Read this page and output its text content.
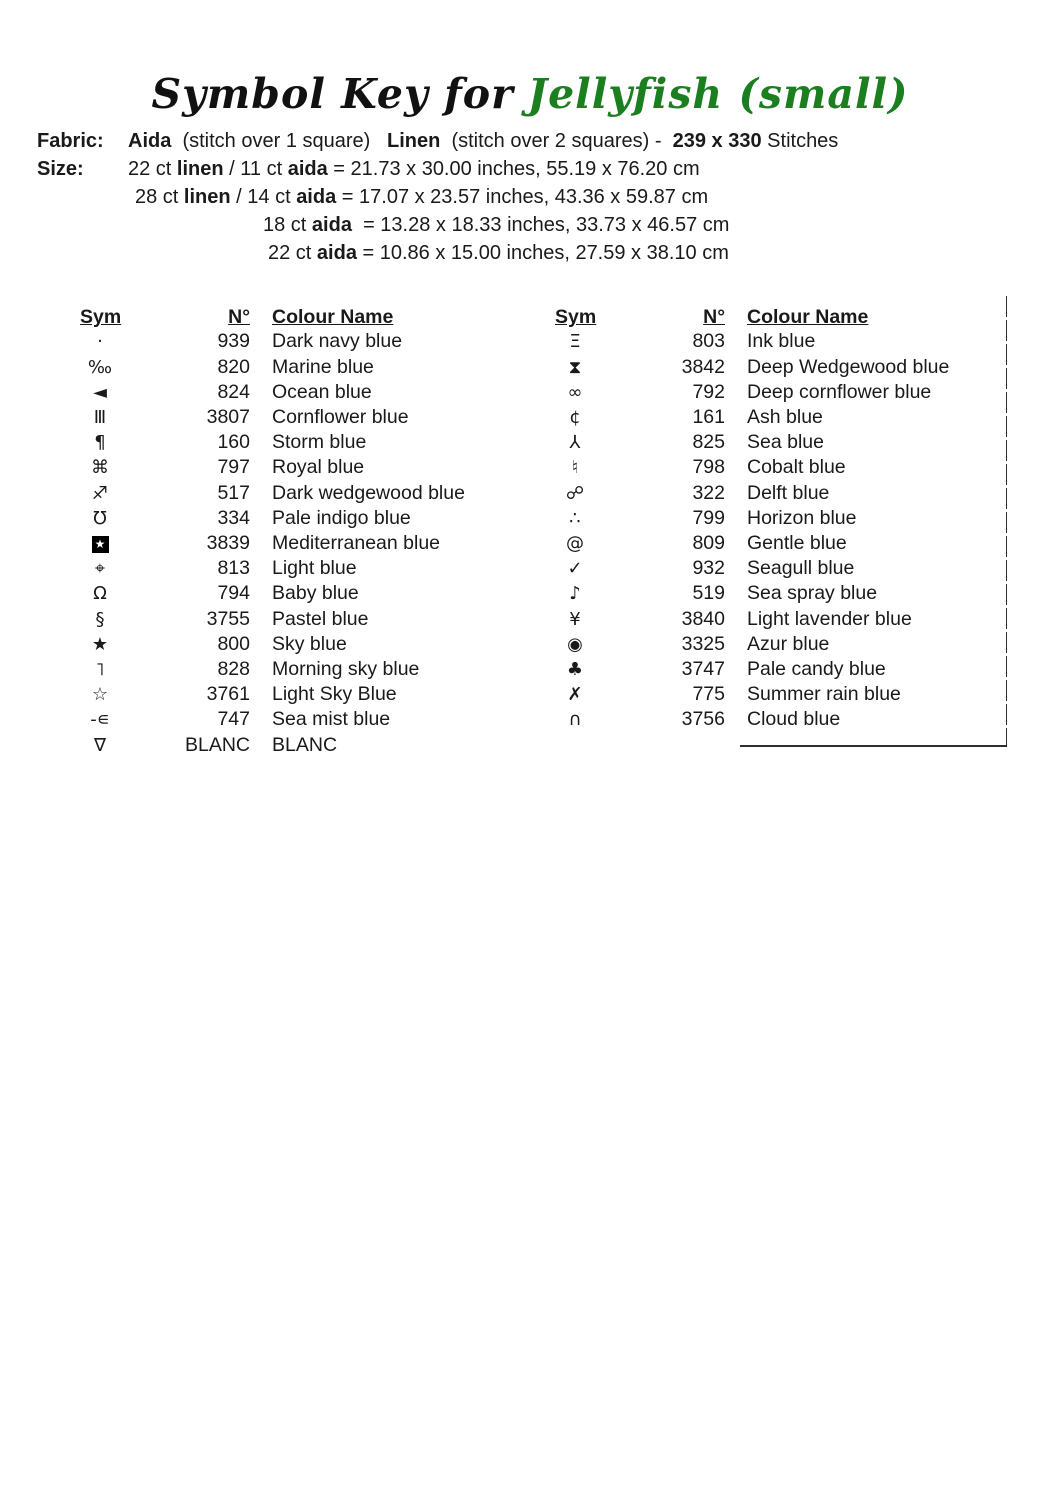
Symbol Key for Jellyfish (small)
Fabric:	Aida  (stitch over 1 square)   Linen  (stitch over 2 squares) -  239 x 330 Stitches
Size:	22 ct linen / 11 ct aida = 21.73 x 30.00 inches, 55.19 x 76.20 cm
28 ct linen / 14 ct aida = 17.07 x 23.57 inches, 43.36 x 59.87 cm
18 ct aida  = 13.28 x 18.33 inches, 33.73 x 46.57 cm
22 ct aida = 10.86 x 15.00 inches, 27.59 x 38.10 cm
Sym	N°	Colour Name
·	939	Dark navy blue
‰	820	Marine blue
◄	824	Ocean blue
Ⅲ	3807	Cornflower blue
¶	160	Storm blue
⌘	797	Royal blue
♐	517	Dark wedgewood blue
℧	334	Pale indigo blue
★	3839	Mediterranean blue
⌖	813	Light blue
Ω	794	Baby blue
§	3755	Pastel blue
★	800	Sky blue
˥	828	Morning sky blue
☆	3761	Light Sky Blue
-∊	747	Sea mist blue
∇	BLANC	BLANC
Sym	N°	Colour Name
Ξ	803	Ink blue
⧗	3842	Deep Wedgewood blue
∞	792	Deep cornflower blue
¢	161	Ash blue
⅄	825	Sea blue
♮	798	Cobalt blue
☍	322	Delft blue
∴	799	Horizon blue
@	809	Gentle blue
✓	932	Seagull blue
♪	519	Sea spray blue
¥	3840	Light lavender blue
◉	3325	Azur blue
♣	3747	Pale candy blue
✗	775	Summer rain blue
∩	3756	Cloud blue
